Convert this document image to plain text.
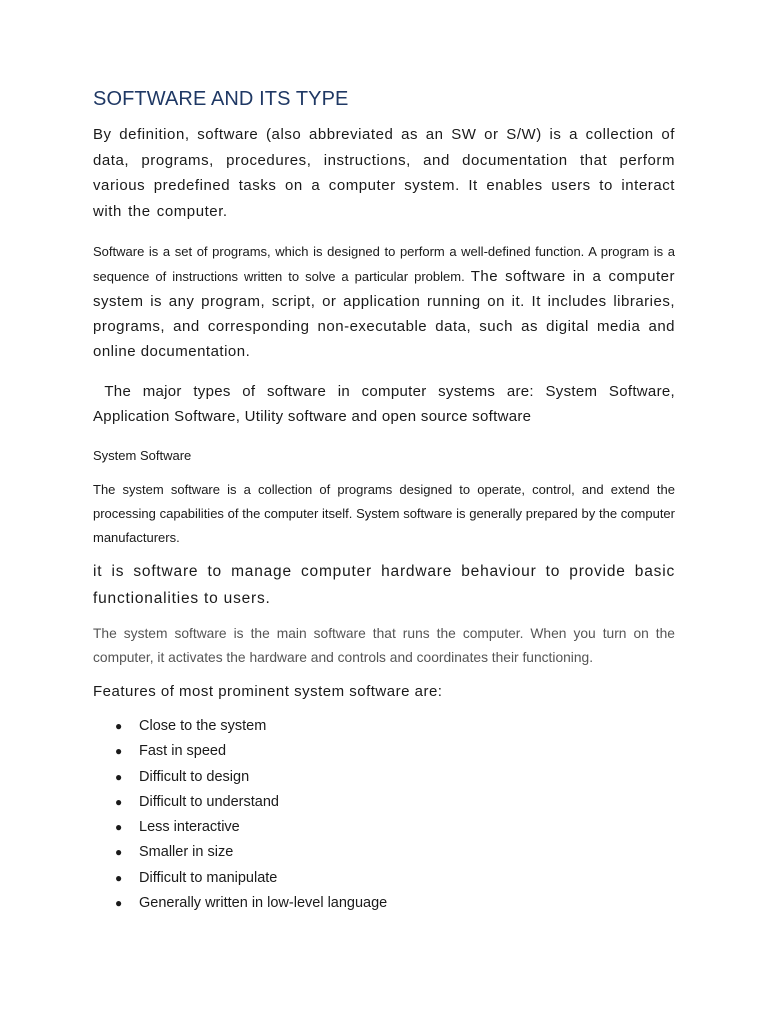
SOFTWARE AND ITS TYPE

By definition, software (also abbreviated as an SW or S/W) is a collection of data, programs, procedures, instructions, and documentation that perform various predefined tasks on a computer system. It enables users to interact with the computer.

Software is a set of programs, which is designed to perform a well-defined function. A program is a sequence of instructions written to solve a particular problem. The software in a computer system is any program, script, or application running on it. It includes libraries, programs, and corresponding non-executable data, such as digital media and online documentation.

The major types of software in computer systems are: System Software, Application Software, Utility software and open source software

System Software

The system software is a collection of programs designed to operate, control, and extend the processing capabilities of the computer itself. System software is generally prepared by the computer manufacturers.

it is software to manage computer hardware behaviour to provide basic functionalities to users.

The system software is the main software that runs the computer. When you turn on the computer, it activates the hardware and controls and coordinates their functioning.

Features of most prominent system software are:

● Close to the system
● Fast in speed
● Difficult to design
● Difficult to understand
● Less interactive
● Smaller in size
● Difficult to manipulate
● Generally written in low-level language
